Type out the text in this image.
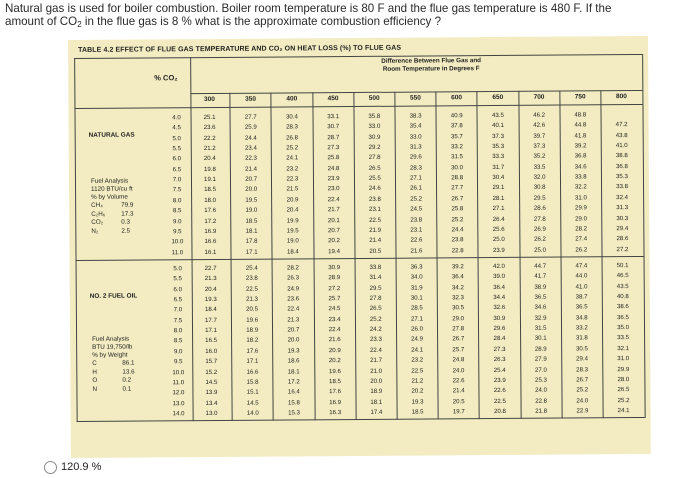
Natural gas is used for boiler combustion. Boiler room temperature is 80 F and the flue gas temperature is 480 F. If the
amount of CO2 in the flue gas is 8 % what is the approximate combustion efficiency ?
TABLE 4.2 EFFECT OF FLUE GAS TEMPERATURE AND CO₂ ON HEAT LOSS (%) TO FLUE GAS
% CO₂
Difference Between Flue Gas and
Room Temperature in Degrees F
300	350	400	450	500	550	600	650	700	750	800
NATURAL GAS
Fuel Analysis
1120 BTU/cu ft
% by Volume
CH₄	79.9
C₂H₆	17.3
CO₂	0.3
N₂	2.5
NO. 2 FUEL OIL
Fuel Analysis
BTU 19,750/lb
% by Weight
C	86.1
H	13.6
O	0.2
N	0.1
4.0	25.1	27.7	30.4	33.1	35.8	38.3	40.9	43.5	46.2	48.8
4.5	23.6	25.9	28.3	30.7	33.0	35.4	37.8	40.1	42.6	44.8	47.2
5.0	22.2	24.4	26.8	28.7	30.9	33.0	35.7	37.3	39.7	41.8	43.8
5.5	21.2	23.4	25.2	27.3	29.2	31.3	33.2	35.3	37.3	39.2	41.0
6.0	20.4	22.3	24.1	25.8	27.8	29.6	31.5	33.3	35.2	36.8	38.8
6.5	19.8	21.4	23.2	24.8	26.5	28.3	30.0	31.7	33.5	34.6	36.8
7.0	19.1	20.7	22.3	23.9	25.5	27.1	28.8	30.4	32.0	33.8	35.3
7.5	18.5	20.0	21.5	23.0	24.6	26.1	27.7	29.1	30.8	32.2	33.8
8.0	18.0	19.5	20.9	22.4	23.8	25.2	26.7	28.1	29.5	31.0	32.4
8.5	17.6	19.0	20.4	21.7	23.1	24.5	25.8	27.1	28.6	29.9	31.3
9.0	17.2	18.5	19.9	20.1	22.5	23.8	25.2	26.4	27.8	29.0	30.3
9.5	16.9	18.1	19.5	20.7	21.9	23.1	24.4	25.6	26.9	28.2	29.4
10.0	16.6	17.8	19.0	20.2	21.4	22.6	23.8	25.0	26.2	27.4	28.6
11.0	16.1	17.1	18.4	19.4	20.5	21.6	22.8	23.9	25.0	26.2	27.2
5.0	22.7	25.4	28.2	30.9	33.8	36.3	39.2	42.0	44.7	47.4	50.1
5.5	21.3	23.8	26.3	28.9	31.4	34.0	36.4	39.0	41.7	44.0	46.5
6.0	20.4	22.5	24.9	27.2	29.5	31.9	34.2	36.4	38.9	41.0	43.5
6.5	19.3	21.3	23.6	25.7	27.8	30.1	32.3	34.4	36.5	38.7	40.8
7.0	18.4	20.5	22.4	24.5	26.5	28.5	30.5	32.6	34.6	36.5	38.6
7.5	17.7	19.6	21.3	23.4	25.2	27.1	29.0	30.9	32.9	34.8	36.5
8.0	17.1	18.9	20.7	22.4	24.2	26.0	27.8	29.6	31.5	33.2	35.0
8.5	16.5	18.2	20.0	21.6	23.3	24.9	26.7	28.4	30.1	31.8	33.5
9.0	16.0	17.6	19.3	20.9	22.4	24.1	25.7	27.3	28.9	30.5	32.1
9.5	15.7	17.1	18.6	20.2	21.7	23.2	24.8	26.3	27.9	29.4	31.0
10.0	15.2	16.6	18.1	19.6	21.0	22.5	24.0	25.4	27.0	28.3	29.9
11.0	14.5	15.8	17.2	18.5	20.0	21.2	22.6	23.9	25.3	26.7	28.0
12.0	13.9	15.1	16.4	17.6	18.9	20.2	21.4	22.6	24.0	25.2	26.5
13.0	13.4	14.5	15.8	16.9	18.1	19.3	20.5	22.5	22.8	24.0	25.2
14.0	13.0	14.0	15.3	16.3	17.4	18.5	19.7	20.8	21.8	22.9	24.1
120.9 %
